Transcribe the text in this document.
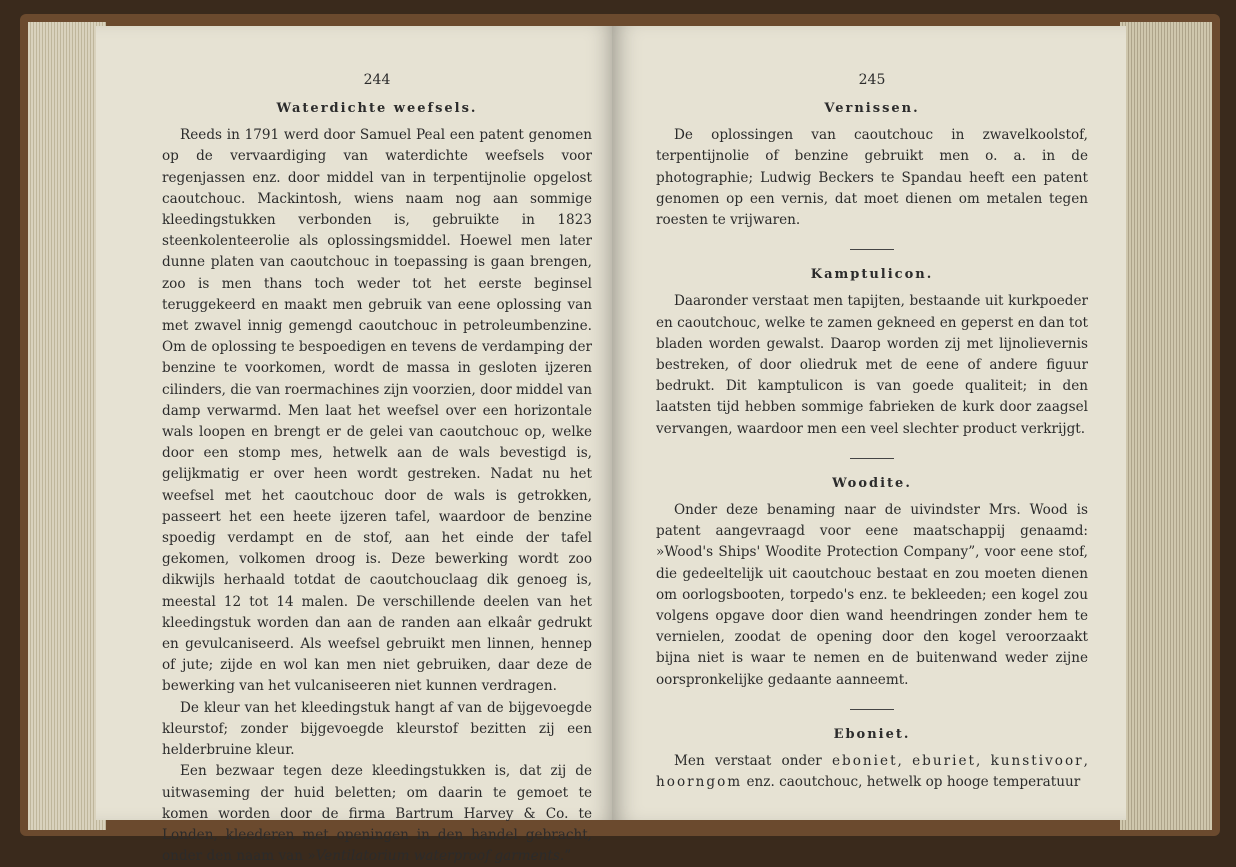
244
Waterdichte weefsels.

Reeds in 1791 werd door Samuel Peal een patent genomen op de vervaardiging van waterdichte weefsels voor regenjassen enz. door middel van in terpentijnolie opgelost caoutchouc. Mackintosh, wiens naam nog aan sommige kleedingstukken verbonden is, gebruikte in 1823 steenkolenteerolie als oplossingsmiddel. Hoewel men later dunne platen van caoutchouc in toepassing is gaan brengen, zoo is men thans toch weder tot het eerste beginsel teruggekeerd en maakt men gebruik van eene oplossing van met zwavel innig gemengd caoutchouc in petroleumbenzine. Om de oplossing te bespoedigen en tevens de verdamping der benzine te voorkomen, wordt de massa in gesloten ijzeren cilinders, die van roermachines zijn voorzien, door middel van damp verwarmd. Men laat het weefsel over een horizontale wals loopen en brengt er de gelei van caoutchouc op, welke door een stomp mes, hetwelk aan de wals bevestigd is, gelijkmatig er over heen wordt gestreken. Nadat nu het weefsel met het caoutchouc door de wals is getrokken, passeert het een heete ijzeren tafel, waardoor de benzine spoedig verdampt en de stof, aan het einde der tafel gekomen, volkomen droog is. Deze bewerking wordt zoo dikwijls herhaald totdat de caoutchouclaag dik genoeg is, meestal 12 tot 14 malen. De verschillende deelen van het kleedingstuk worden dan aan de randen aan elkaâr gedrukt en gevulcaniseerd. Als weefsel gebruikt men linnen, hennep of jute; zijde en wol kan men niet gebruiken, daar deze de bewerking van het vulcaniseeren niet kunnen verdragen.

De kleur van het kleedingstuk hangt af van de bijgevoegde kleurstof; zonder bijgevoegde kleurstof bezitten zij een helderbruine kleur.

Een bezwaar tegen deze kleedingstukken is, dat zij de uitwaseming der huid beletten; om daarin te gemoet te komen worden door de firma Bartrum Harvey & Co. te Londen, kleederen met openingen in den handel gebracht, onder den naam van »Ventilatorium waterproof garments.”

245
Vernissen.

De oplossingen van caoutchouc in zwavelkoolstof, terpentijnolie of benzine gebruikt men o. a. in de photographie; Ludwig Beckers te Spandau heeft een patent genomen op een vernis, dat moet dienen om metalen tegen roesten te vrijwaren.

Kamptulicon.

Daaronder verstaat men tapijten, bestaande uit kurkpoeder en caoutchouc, welke te zamen gekneed en geperst en dan tot bladen worden gewalst. Daarop worden zij met lijnolievernis bestreken, of door oliedruk met de eene of andere figuur bedrukt. Dit kamptulicon is van goede qualiteit; in den laatsten tijd hebben sommige fabrieken de kurk door zaagsel vervangen, waardoor men een veel slechter product verkrijgt.

Woodite.

Onder deze benaming naar de uivindster Mrs. Wood is patent aangevraagd voor eene maatschappij genaamd: »Wood's Ships' Woodite Protection Company”, voor eene stof, die gedeeltelijk uit caoutchouc bestaat en zou moeten dienen om oorlogsbooten, torpedo's enz. te bekleeden; een kogel zou volgens opgave door dien wand heendringen zonder hem te vernielen, zoodat de opening door den kogel veroorzaakt bijna niet is waar te nemen en de buitenwand weder zijne oorspronkelijke gedaante aanneemt.

Eboniet.

Men verstaat onder eboniet, eburiet, kunstivoor, hoorngom enz. caoutchouc, hetwelk op hooge temperatuur
